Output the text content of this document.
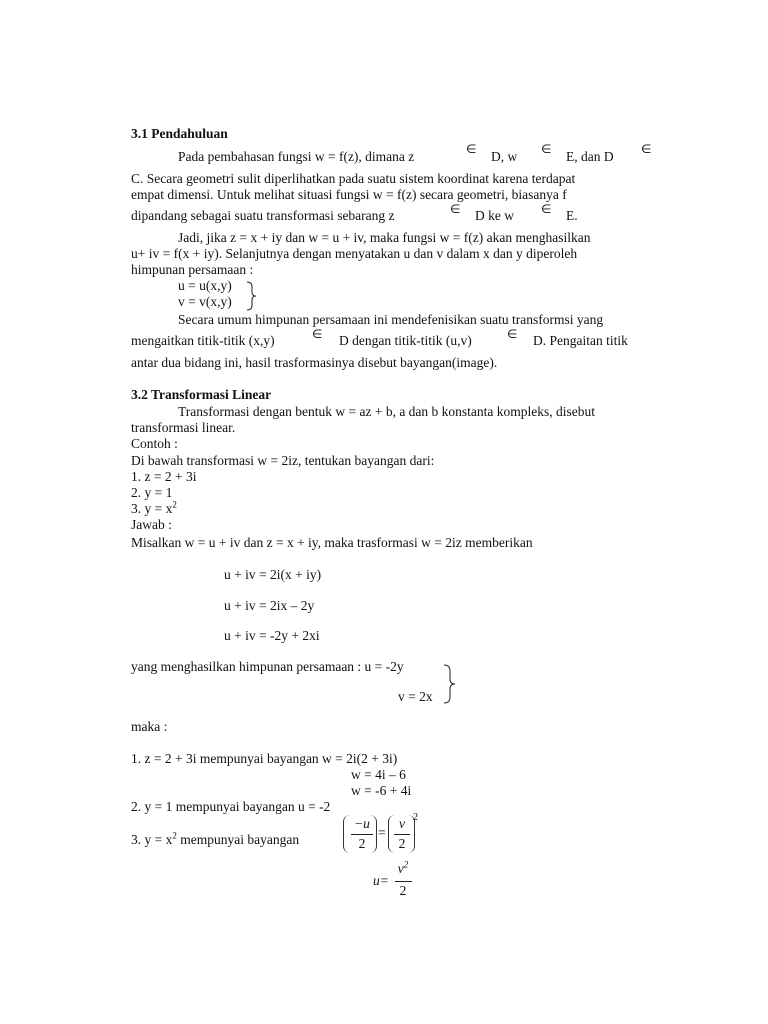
3.1 Pendahuluan
Pada pembahasan fungsi w = f(z), dimana z	∈ D, w ∈ E, dan D ∈
C. Secara geometri sulit diperlihatkan pada suatu sistem koordinat karena terdapat
empat dimensi. Untuk melihat situasi fungsi w = f(z) secara geometri, biasanya f
dipandang sebagai suatu transformasi sebarang z	∈ D ke w ∈ E.
Jadi, jika z = x + iy dan w = u + iv, maka fungsi w = f(z) akan menghasilkan
u+ iv = f(x + iy). Selanjutnya dengan menyatakan u dan v dalam x dan y diperoleh
himpunan persamaan :
u = u(x,y)
v = v(x,y)
Secara umum himpunan persamaan ini mendefenisikan suatu transformsi yang
mengaitkan titik-titik (x,y)	∈ D dengan titik-titik (u,v)	∈ D. Pengaitan titik
antar dua bidang ini, hasil trasformasinya disebut bayangan(image).
3.2 Transformasi Linear
Transformasi dengan bentuk w = az + b, a dan b konstanta kompleks, disebut
transformasi linear.
Contoh :
Di bawah transformasi w = 2iz, tentukan bayangan dari:
1. z = 2 + 3i
2. y = 1
3. $y = x^2$
Jawab :
Misalkan w = u + iv dan z = x + iy, maka trasformasi w = 2iz memberikan
u + iv = 2i(x + iy)
u + iv = 2ix – 2y
u + iv = -2y + 2xi
yang menghasilkan himpunan persamaan : u = -2y
v = 2x
maka :
1. z = 2 + 3i mempunyai bayangan w = 2i(2 + 3i)
w = 4i – 6
w = -6 + 4i
2. y = 1 mempunyai bayangan u = -2
3. $y = x^2$ mempunyai bayangan
−u
2
=
v
2
2
u=
$v^2$
2
